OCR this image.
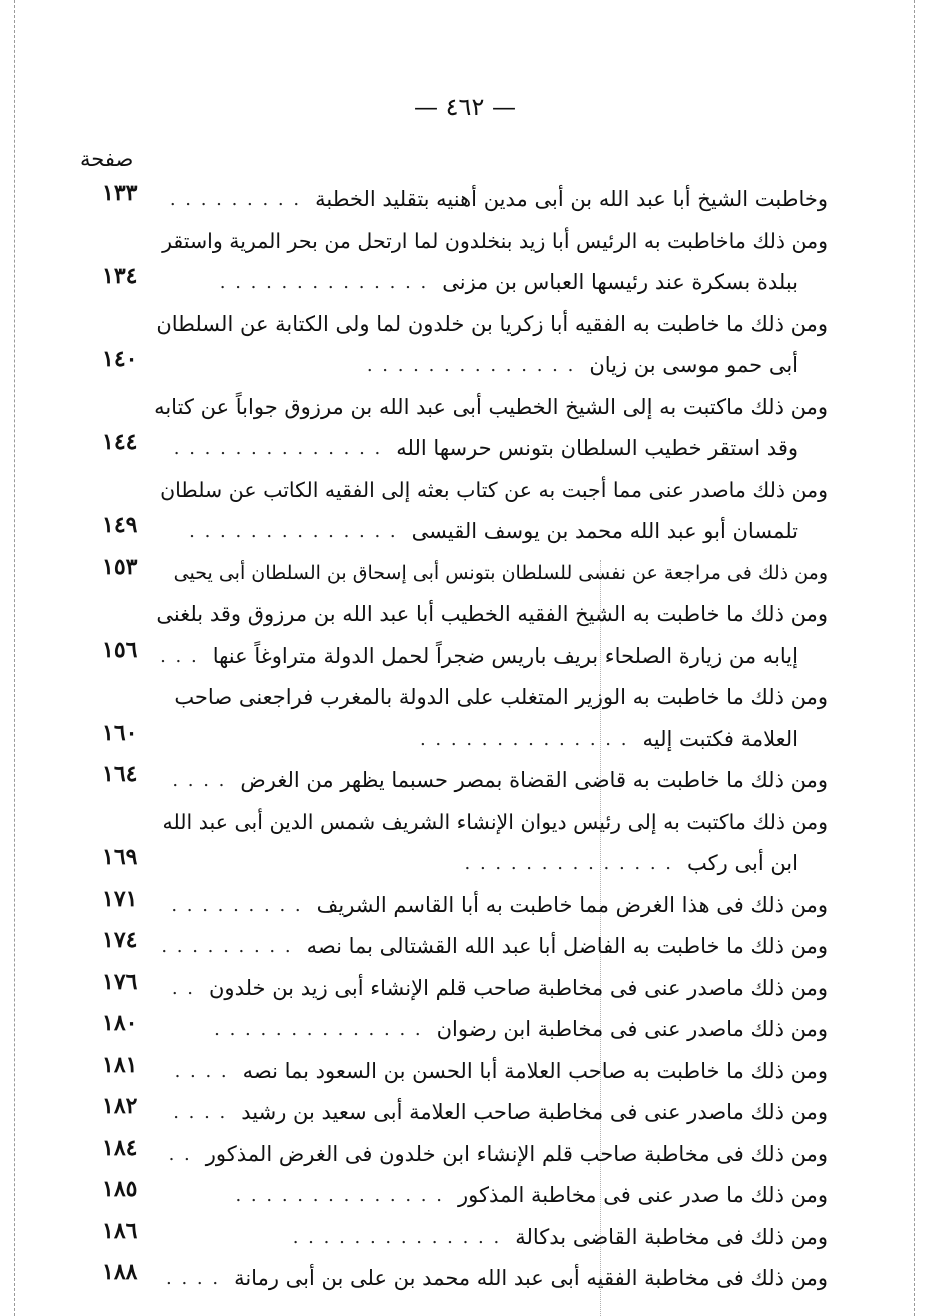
— ٤٦٢ —
صفحة
١٣٣	وخاطبت الشيخ أبا عبد الله بن أبى مدين أهنيه بتقليد الخطبة
. . . . . . . . .
ومن ذلك ماخاطبت به الرئيس أبا زيد بنخلدون لما ارتحل من بحر المرية واستقر
١٣٤	ببلدة بسكرة عند رئيسها العباس بن مزنى
. . . . . . . . . . . . . .
ومن ذلك ما خاطبت به الفقيه أبا زكريا بن خلدون لما ولى الكتابة عن السلطان
١٤٠	أبى حمو موسى بن زيان
. . . . . . . . . . . . . .
ومن ذلك ماكتبت به إلى الشيخ الخطيب أبى عبد الله بن مرزوق جواباً عن كتابه
١٤٤	وقد استقر خطيب السلطان بتونس حرسها الله
. . . . . . . . . . . . . .
ومن ذلك ماصدر عنى مما أجبت به عن كتاب بعثه إلى الفقيه الكاتب عن سلطان
١٤٩	تلمسان أبو عبد الله محمد بن يوسف القيسى
. . . . . . . . . . . . . .
١٥٣	ومن ذلك فى مراجعة عن نفسى للسلطان بتونس أبى إسحاق بن السلطان أبى يحيى
ومن ذلك ما خاطبت به الشيخ الفقيه الخطيب أبا عبد الله بن مرزوق وقد بلغنى
١٥٦	إيابه من زيارة الصلحاء بريف باريس ضجراً لحمل الدولة متراوغاً عنها
. . .
ومن ذلك ما خاطبت به الوزير المتغلب على الدولة بالمغرب فراجعنى صاحب
١٦٠	العلامة فكتبت إليه
. . . . . . . . . . . . . .
١٦٤	ومن ذلك ما خاطبت به قاضى القضاة بمصر حسبما يظهر من الغرض
. . . .
ومن ذلك ماكتبت به إلى رئيس ديوان الإنشاء الشريف شمس الدين أبى عبد الله
١٦٩	ابن أبى ركب
. . . . . . . . . . . . . .
١٧١	ومن ذلك فى هذا الغرض مما خاطبت به أبا القاسم الشريف
. . . . . . . . .
١٧٤	ومن ذلك ما خاطبت به الفاضل أبا عبد الله القشتالى بما نصه
. . . . . . . . .
١٧٦	ومن ذلك ماصدر عنى فى مخاطبة صاحب قلم الإنشاء أبى زيد بن خلدون
. .
١٨٠	ومن ذلك ماصدر عنى فى مخاطبة ابن رضوان
. . . . . . . . . . . . . .
١٨١	ومن ذلك ما خاطبت به صاحب العلامة أبا الحسن بن السعود بما نصه
. . . .
١٨٢	ومن ذلك ماصدر عنى فى مخاطبة صاحب العلامة أبى سعيد بن رشيد
. . . .
١٨٤	ومن ذلك فى مخاطبة صاحب قلم الإنشاء ابن خلدون فى الغرض المذكور
. .
١٨٥	ومن ذلك ما صدر عنى فى مخاطبة المذكور
. . . . . . . . . . . . . .
١٨٦	ومن ذلك فى مخاطبة القاضى بدكالة
. . . . . . . . . . . . . .
١٨٨	ومن ذلك فى مخاطبة الفقيه أبى عبد الله محمد بن على بن أبى رمانة
. . . .
